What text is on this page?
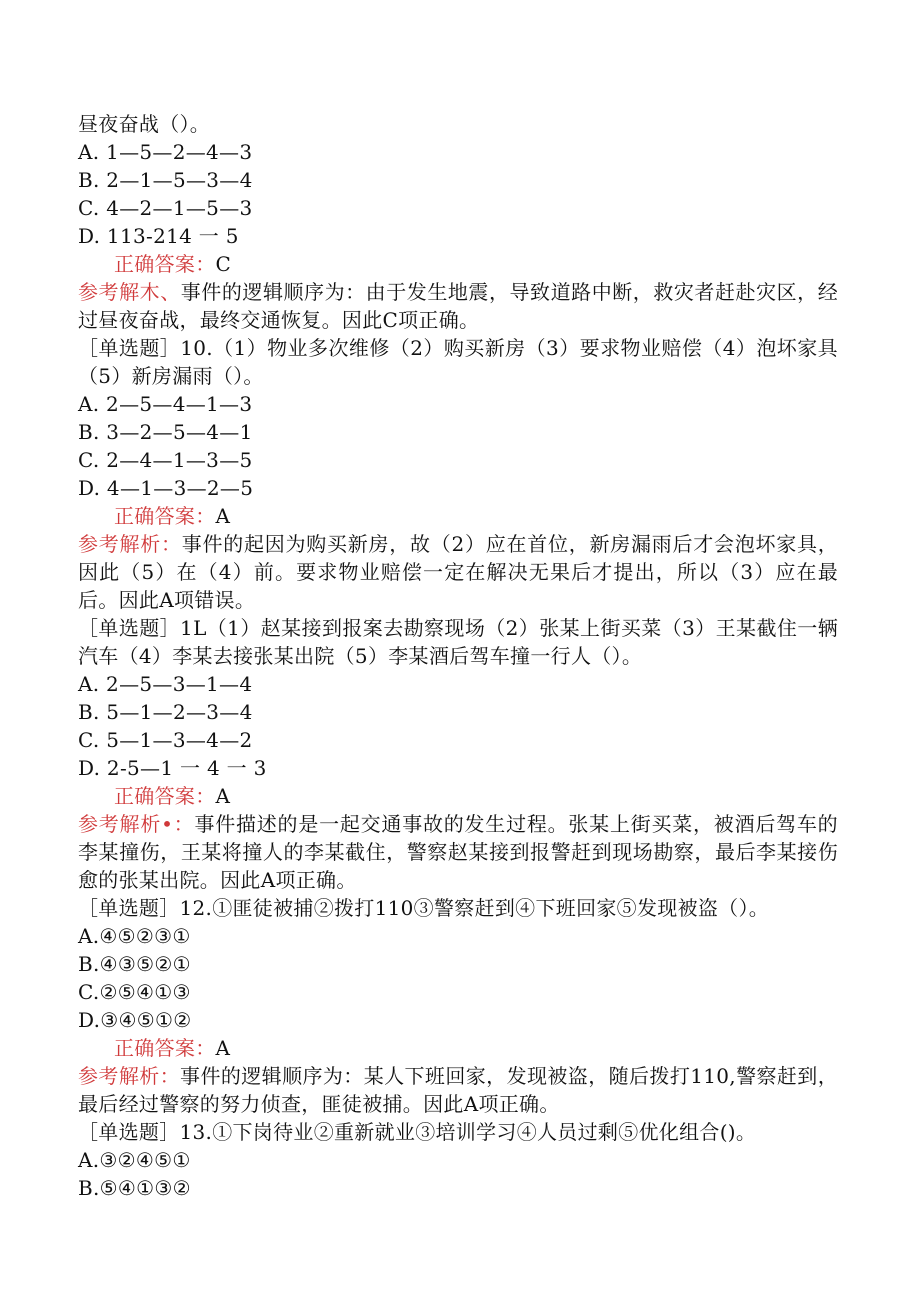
昼夜奋战（）。
A. 1—5—2—4—3
B. 2—1—5—3—4
C. 4—2—1—5—3
D. 113-214 一 5
正确答案：C
参考解木、事件的逻辑顺序为：由于发生地震，导致道路中断，救灾者赶赴灾区，经过昼夜奋战，最终交通恢复。因此C项正确。
［单选题］10.（1）物业多次维修（2）购买新房（3）要求物业赔偿（4）泡坏家具（5）新房漏雨（）。
A. 2—5—4—1—3
B. 3—2—5—4—1
C. 2—4—1—3—5
D. 4—1—3—2—5
正确答案：A
参考解析：事件的起因为购买新房，故（2）应在首位，新房漏雨后才会泡坏家具，因此（5）在（4）前。要求物业赔偿一定在解决无果后才提出，所以（3）应在最后。因此A项错误。
［单选题］1L（1）赵某接到报案去勘察现场（2）张某上街买菜（3）王某截住一辆汽车（4）李某去接张某出院（5）李某酒后驾车撞一行人（）。
A. 2—5—3—1—4
B. 5—1—2—3—4
C. 5—1—3—4—2
D. 2-5—1 一 4 一 3
正确答案：A
参考解析•：事件描述的是一起交通事故的发生过程。张某上街买菜，被酒后驾车的李某撞伤，王某将撞人的李某截住，警察赵某接到报警赶到现场勘察，最后李某接伤愈的张某出院。因此A项正确。
［单选题］12.①匪徒被捕②拨打110③警察赶到④下班回家⑤发现被盗（）。
A.④⑤②③①
B.④③⑤②①
C.②⑤④①③
D.③④⑤①②
正确答案：A
参考解析：事件的逻辑顺序为：某人下班回家，发现被盗，随后拨打110,警察赶到，最后经过警察的努力侦查，匪徒被捕。因此A项正确。
［单选题］13.①下岗待业②重新就业③培训学习④人员过剩⑤优化组合()。
A.③②④⑤①
B.⑤④①③②
